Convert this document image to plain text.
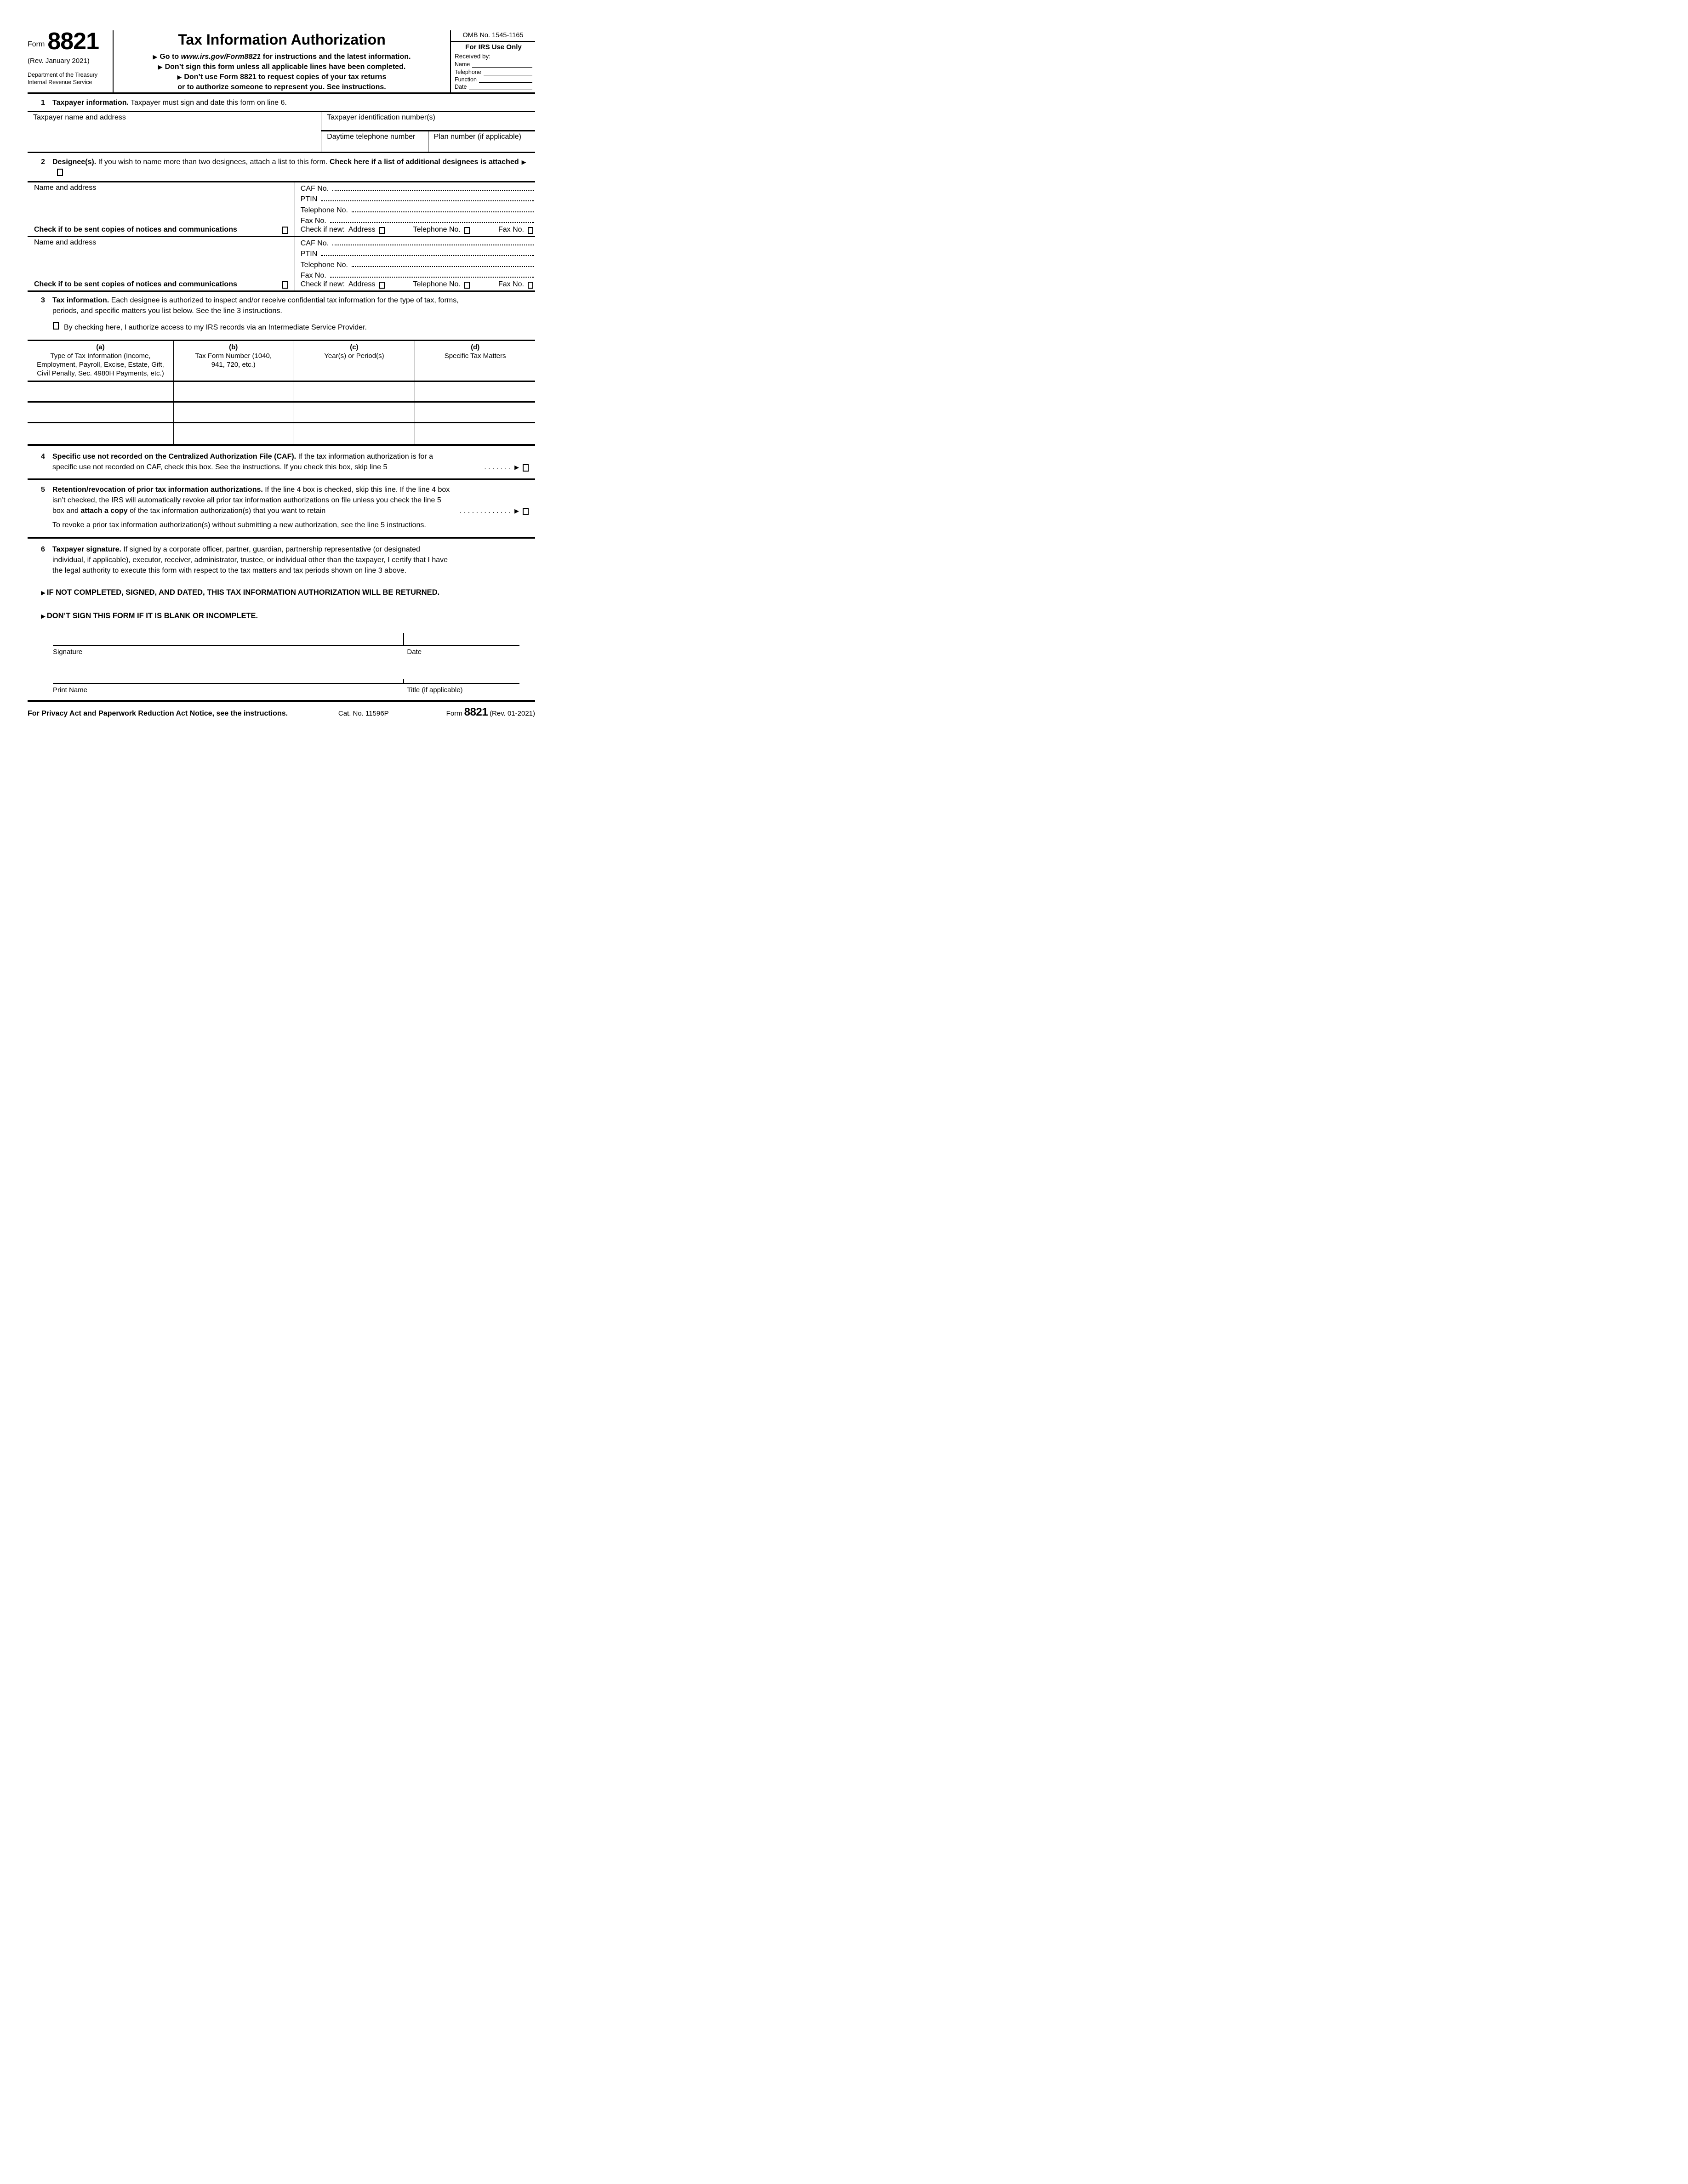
Form 8821
(Rev. January 2021)
Department of the Treasury
Internal Revenue Service
Tax Information Authorization
▶ Go to www.irs.gov/Form8821 for instructions and the latest information.
▶ Don’t sign this form unless all applicable lines have been completed.
▶ Don’t use Form 8821 to request copies of your tax returns
or to authorize someone to represent you. See instructions.
OMB No. 1545-1165
For IRS Use Only
Received by:
Name
Telephone
Function
Date
1	Taxpayer information. Taxpayer must sign and date this form on line 6.
Taxpayer name and address	Taxpayer identification number(s)
Daytime telephone number	Plan number (if applicable)
2	Designee(s). If you wish to name more than two designees, attach a list to this form. Check here if a list of additional designees is attached ▶
Name and address
Check if to be sent copies of notices and communications
CAF No.
PTIN
Telephone No.
Fax No.
Check if new: Address	Telephone No.	Fax No.
Name and address
Check if to be sent copies of notices and communications
CAF No.
PTIN
Telephone No.
Fax No.
Check if new: Address	Telephone No.	Fax No.
3	Tax information. Each designee is authorized to inspect and/or receive confidential tax information for the type of tax, forms,
periods, and specific matters you list below. See the line 3 instructions.
By checking here, I authorize access to my IRS records via an Intermediate Service Provider.
(a)
Type of Tax Information (Income, Employment, Payroll, Excise, Estate, Gift, Civil Penalty, Sec. 4980H Payments, etc.)
(b)
Tax Form Number (1040, 941, 720, etc.)
(c)
Year(s) or Period(s)
(d)
Specific Tax Matters
4	Specific use not recorded on the Centralized Authorization File (CAF). If the tax information authorization is for a
specific use not recorded on CAF, check this box. See the instructions. If you check this box, skip line 5	. . . . . . . ▶
5	Retention/revocation of prior tax information authorizations. If the line 4 box is checked, skip this line. If the line 4 box
isn’t checked, the IRS will automatically revoke all prior tax information authorizations on file unless you check the line 5
box and attach a copy of the tax information authorization(s) that you want to retain	. . . . . . . . . . . . . ▶
To revoke a prior tax information authorization(s) without submitting a new authorization, see the line 5 instructions.
6	Taxpayer signature. If signed by a corporate officer, partner, guardian, partnership representative (or designated
individual, if applicable), executor, receiver, administrator, trustee, or individual other than the taxpayer, I certify that I have
the legal authority to execute this form with respect to the tax matters and tax periods shown on line 3 above.
▶ IF NOT COMPLETED, SIGNED, AND DATED, THIS TAX INFORMATION AUTHORIZATION WILL BE RETURNED.
▶ DON’T SIGN THIS FORM IF IT IS BLANK OR INCOMPLETE.
Signature	Date
Print Name	Title (if applicable)
For Privacy Act and Paperwork Reduction Act Notice, see the instructions.	Cat. No. 11596P	Form 8821 (Rev. 01-2021)
